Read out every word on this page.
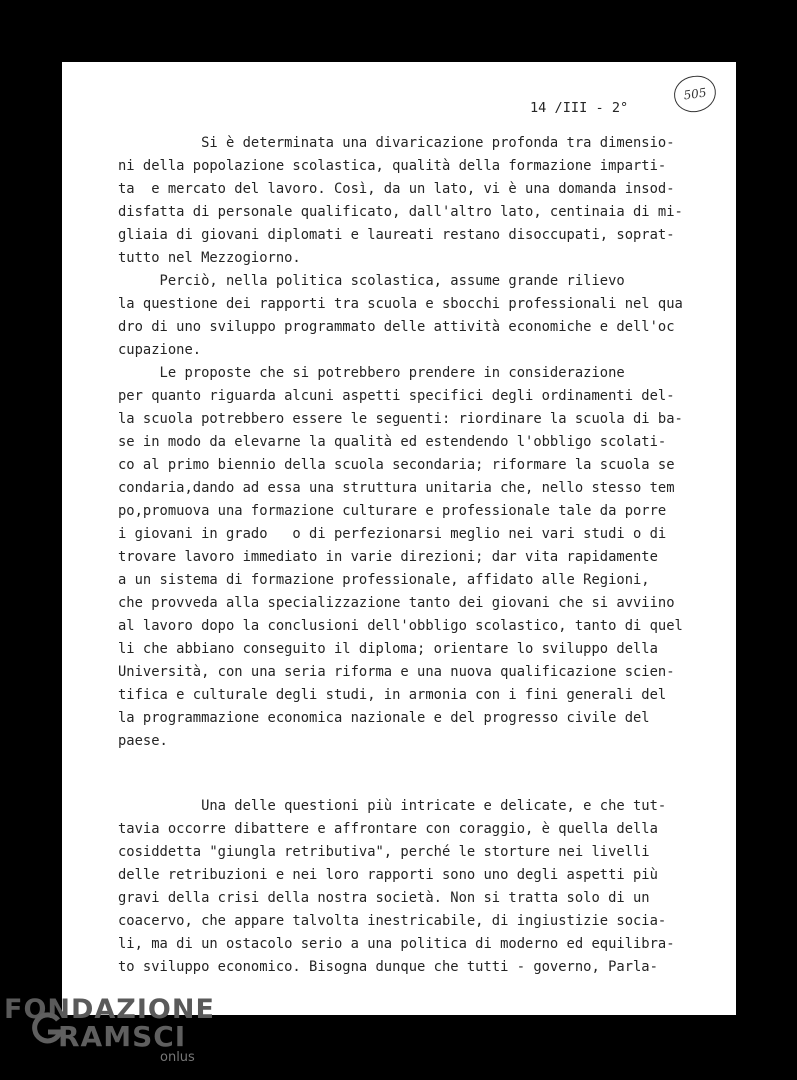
14 /III - 2°
505
Si è determinata una divaricazione profonda tra dimensio-
ni della popolazione scolastica, qualità della formazione imparti-
ta  e mercato del lavoro. Così, da un lato, vi è una domanda insod-
disfatta di personale qualificato, dall'altro lato, centinaia di mi-
gliaia di giovani diplomati e laureati restano disoccupati, soprat-
tutto nel Mezzogiorno.
Perciò, nella politica scolastica, assume grande rilievo
la questione dei rapporti tra scuola e sbocchi professionali nel qua
dro di uno sviluppo programmato delle attività economiche e dell'oc
cupazione.
Le proposte che si potrebbero prendere in considerazione
per quanto riguarda alcuni aspetti specifici degli ordinamenti del-
la scuola potrebbero essere le seguenti: riordinare la scuola di ba-
se in modo da elevarne la qualità ed estendendo l'obbligo scolati-
co al primo biennio della scuola secondaria; riformare la scuola se
condaria,dando ad essa una struttura unitaria che, nello stesso tem
po,promuova una formazione culturare e professionale tale da porre
i giovani in grado   o di perfezionarsi meglio nei vari studi o di
trovare lavoro immediato in varie direzioni; dar vita rapidamente
a un sistema di formazione professionale, affidato alle Regioni,
che provveda alla specializzazione tanto dei giovani che si avviino
al lavoro dopo la conclusioni dell'obbligo scolastico, tanto di quel
li che abbiano conseguito il diploma; orientare lo sviluppo della
Università, con una seria riforma e una nuova qualificazione scien-
tifica e culturale degli studi, in armonia con i fini generali del
la programmazione economica nazionale e del progresso civile del
paese.
Una delle questioni più intricate e delicate, e che tut-
tavia occorre dibattere e affrontare con coraggio, è quella della
cosiddetta "giungla retributiva", perché le storture nei livelli
delle retribuzioni e nei loro rapporti sono uno degli aspetti più
gravi della crisi della nostra società. Non si tratta solo di un
coacervo, che appare talvolta inestricabile, di ingiustizie socia-
li, ma di un ostacolo serio a una politica di moderno ed equilibra-
to sviluppo economico. Bisogna dunque che tutti - governo, Parla-
FONDAZIONE
RAMSCI
onlus
